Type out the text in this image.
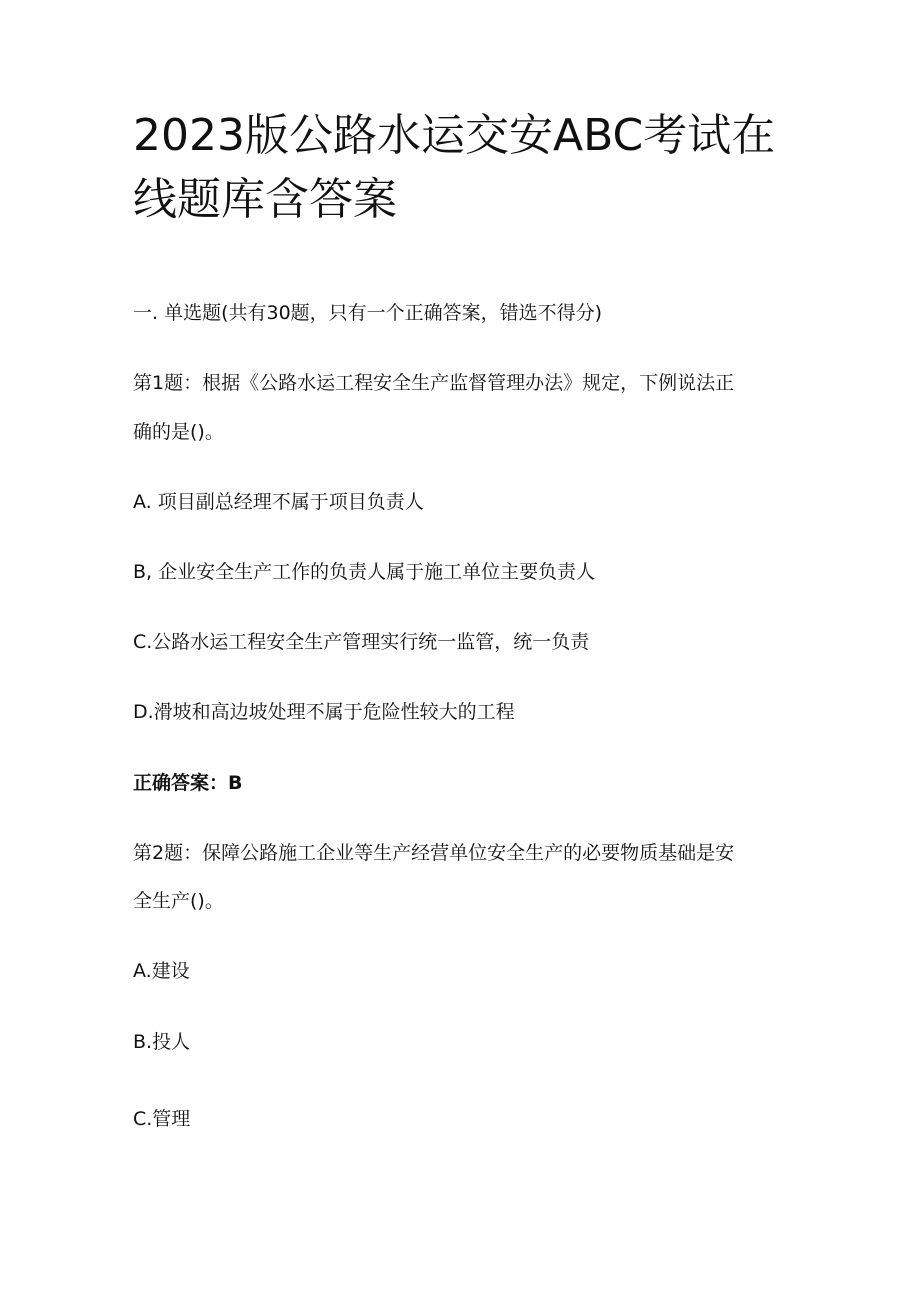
2023版公路水运交安ABC考试在
线题库含答案

一. 单选题(共有30题，只有一个正确答案，错选不得分)

第1题：根据《公路水运工程安全生产监督管理办法》规定，下例说法正

确的是()。

A. 项目副总经理不属于项目负责人

B, 企业安全生产工作的负责人属于施工单位主要负责人

C.公路水运工程安全生产管理实行统一监管，统一负责

D.滑坡和高边坡处理不属于危险性较大的工程

正确答案：B

第2题：保障公路施工企业等生产经营单位安全生产的必要物质基础是安

全生产()。

A.建设

B.投人

C.管理
